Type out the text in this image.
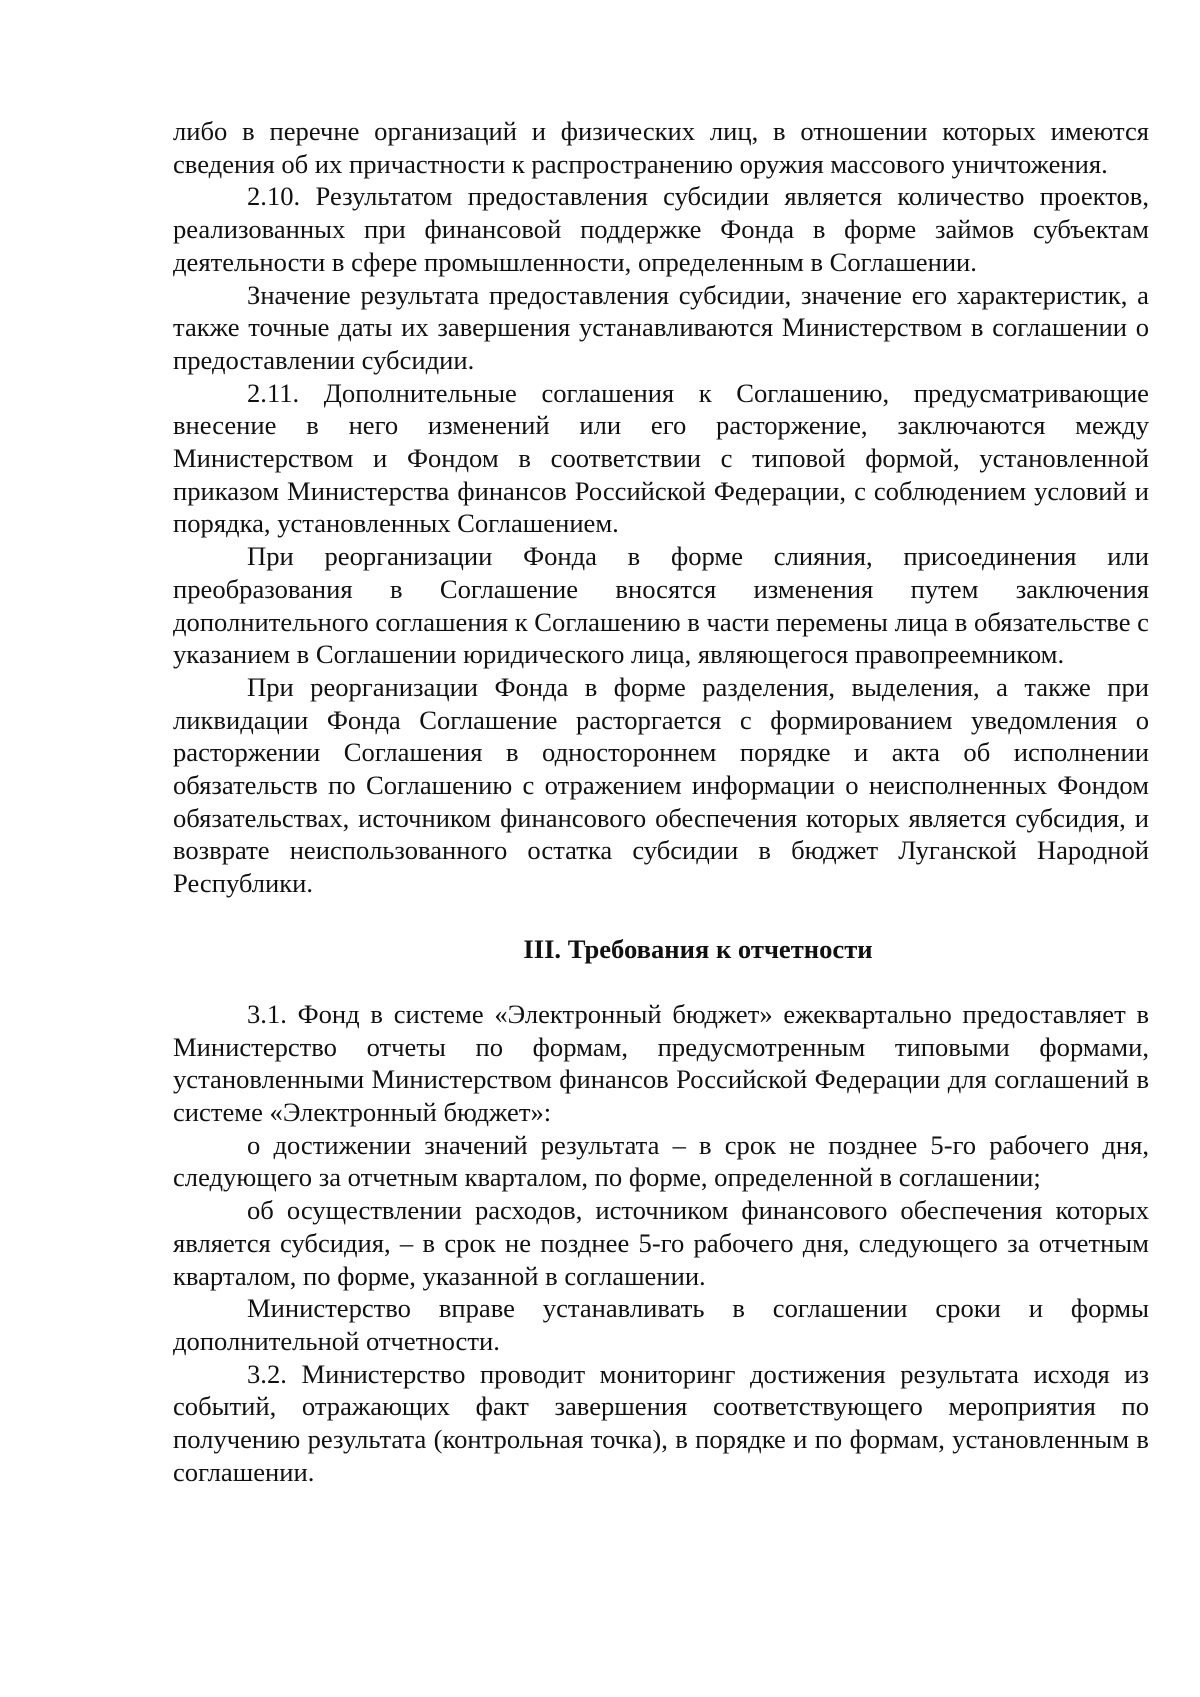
либо в перечне организаций и физических лиц, в отношении которых имеются сведения об их причастности к распространению оружия массового уничтожения.

2.10. Результатом предоставления субсидии является количество проектов, реализованных при финансовой поддержке Фонда в форме займов субъектам деятельности в сфере промышленности, определенным в Соглашении.

Значение результата предоставления субсидии, значение его характеристик, а также точные даты их завершения устанавливаются Министерством в соглашении о предоставлении субсидии.

2.11. Дополнительные соглашения к Соглашению, предусматривающие внесение в него изменений или его расторжение, заключаются между Министерством и Фондом в соответствии с типовой формой, установленной приказом Министерства финансов Российской Федерации, с соблюдением условий и порядка, установленных Соглашением.

При реорганизации Фонда в форме слияния, присоединения или преобразования в Соглашение вносятся изменения путем заключения дополнительного соглашения к Соглашению в части перемены лица в обязательстве с указанием в Соглашении юридического лица, являющегося правопреемником.

При реорганизации Фонда в форме разделения, выделения, а также при ликвидации Фонда Соглашение расторгается с формированием уведомления о расторжении Соглашения в одностороннем порядке и акта об исполнении обязательств по Соглашению с отражением информации о неисполненных Фондом обязательствах, источником финансового обеспечения которых является субсидия, и возврате неиспользованного остатка субсидии в бюджет Луганской Народной Республики.

III. Требования к отчетности

3.1. Фонд в системе «Электронный бюджет» ежеквартально предоставляет в Министерство отчеты по формам, предусмотренным типовыми формами, установленными Министерством финансов Российской Федерации для соглашений в системе «Электронный бюджет»:

о достижении значений результата – в срок не позднее 5-го рабочего дня, следующего за отчетным кварталом, по форме, определенной в соглашении;

об осуществлении расходов, источником финансового обеспечения которых является субсидия, – в срок не позднее 5-го рабочего дня, следующего за отчетным кварталом, по форме, указанной в соглашении.

Министерство вправе устанавливать в соглашении сроки и формы дополнительной отчетности.

3.2. Министерство проводит мониторинг достижения результата исходя из событий, отражающих факт завершения соответствующего мероприятия по получению результата (контрольная точка), в порядке и по формам, установленным в соглашении.
